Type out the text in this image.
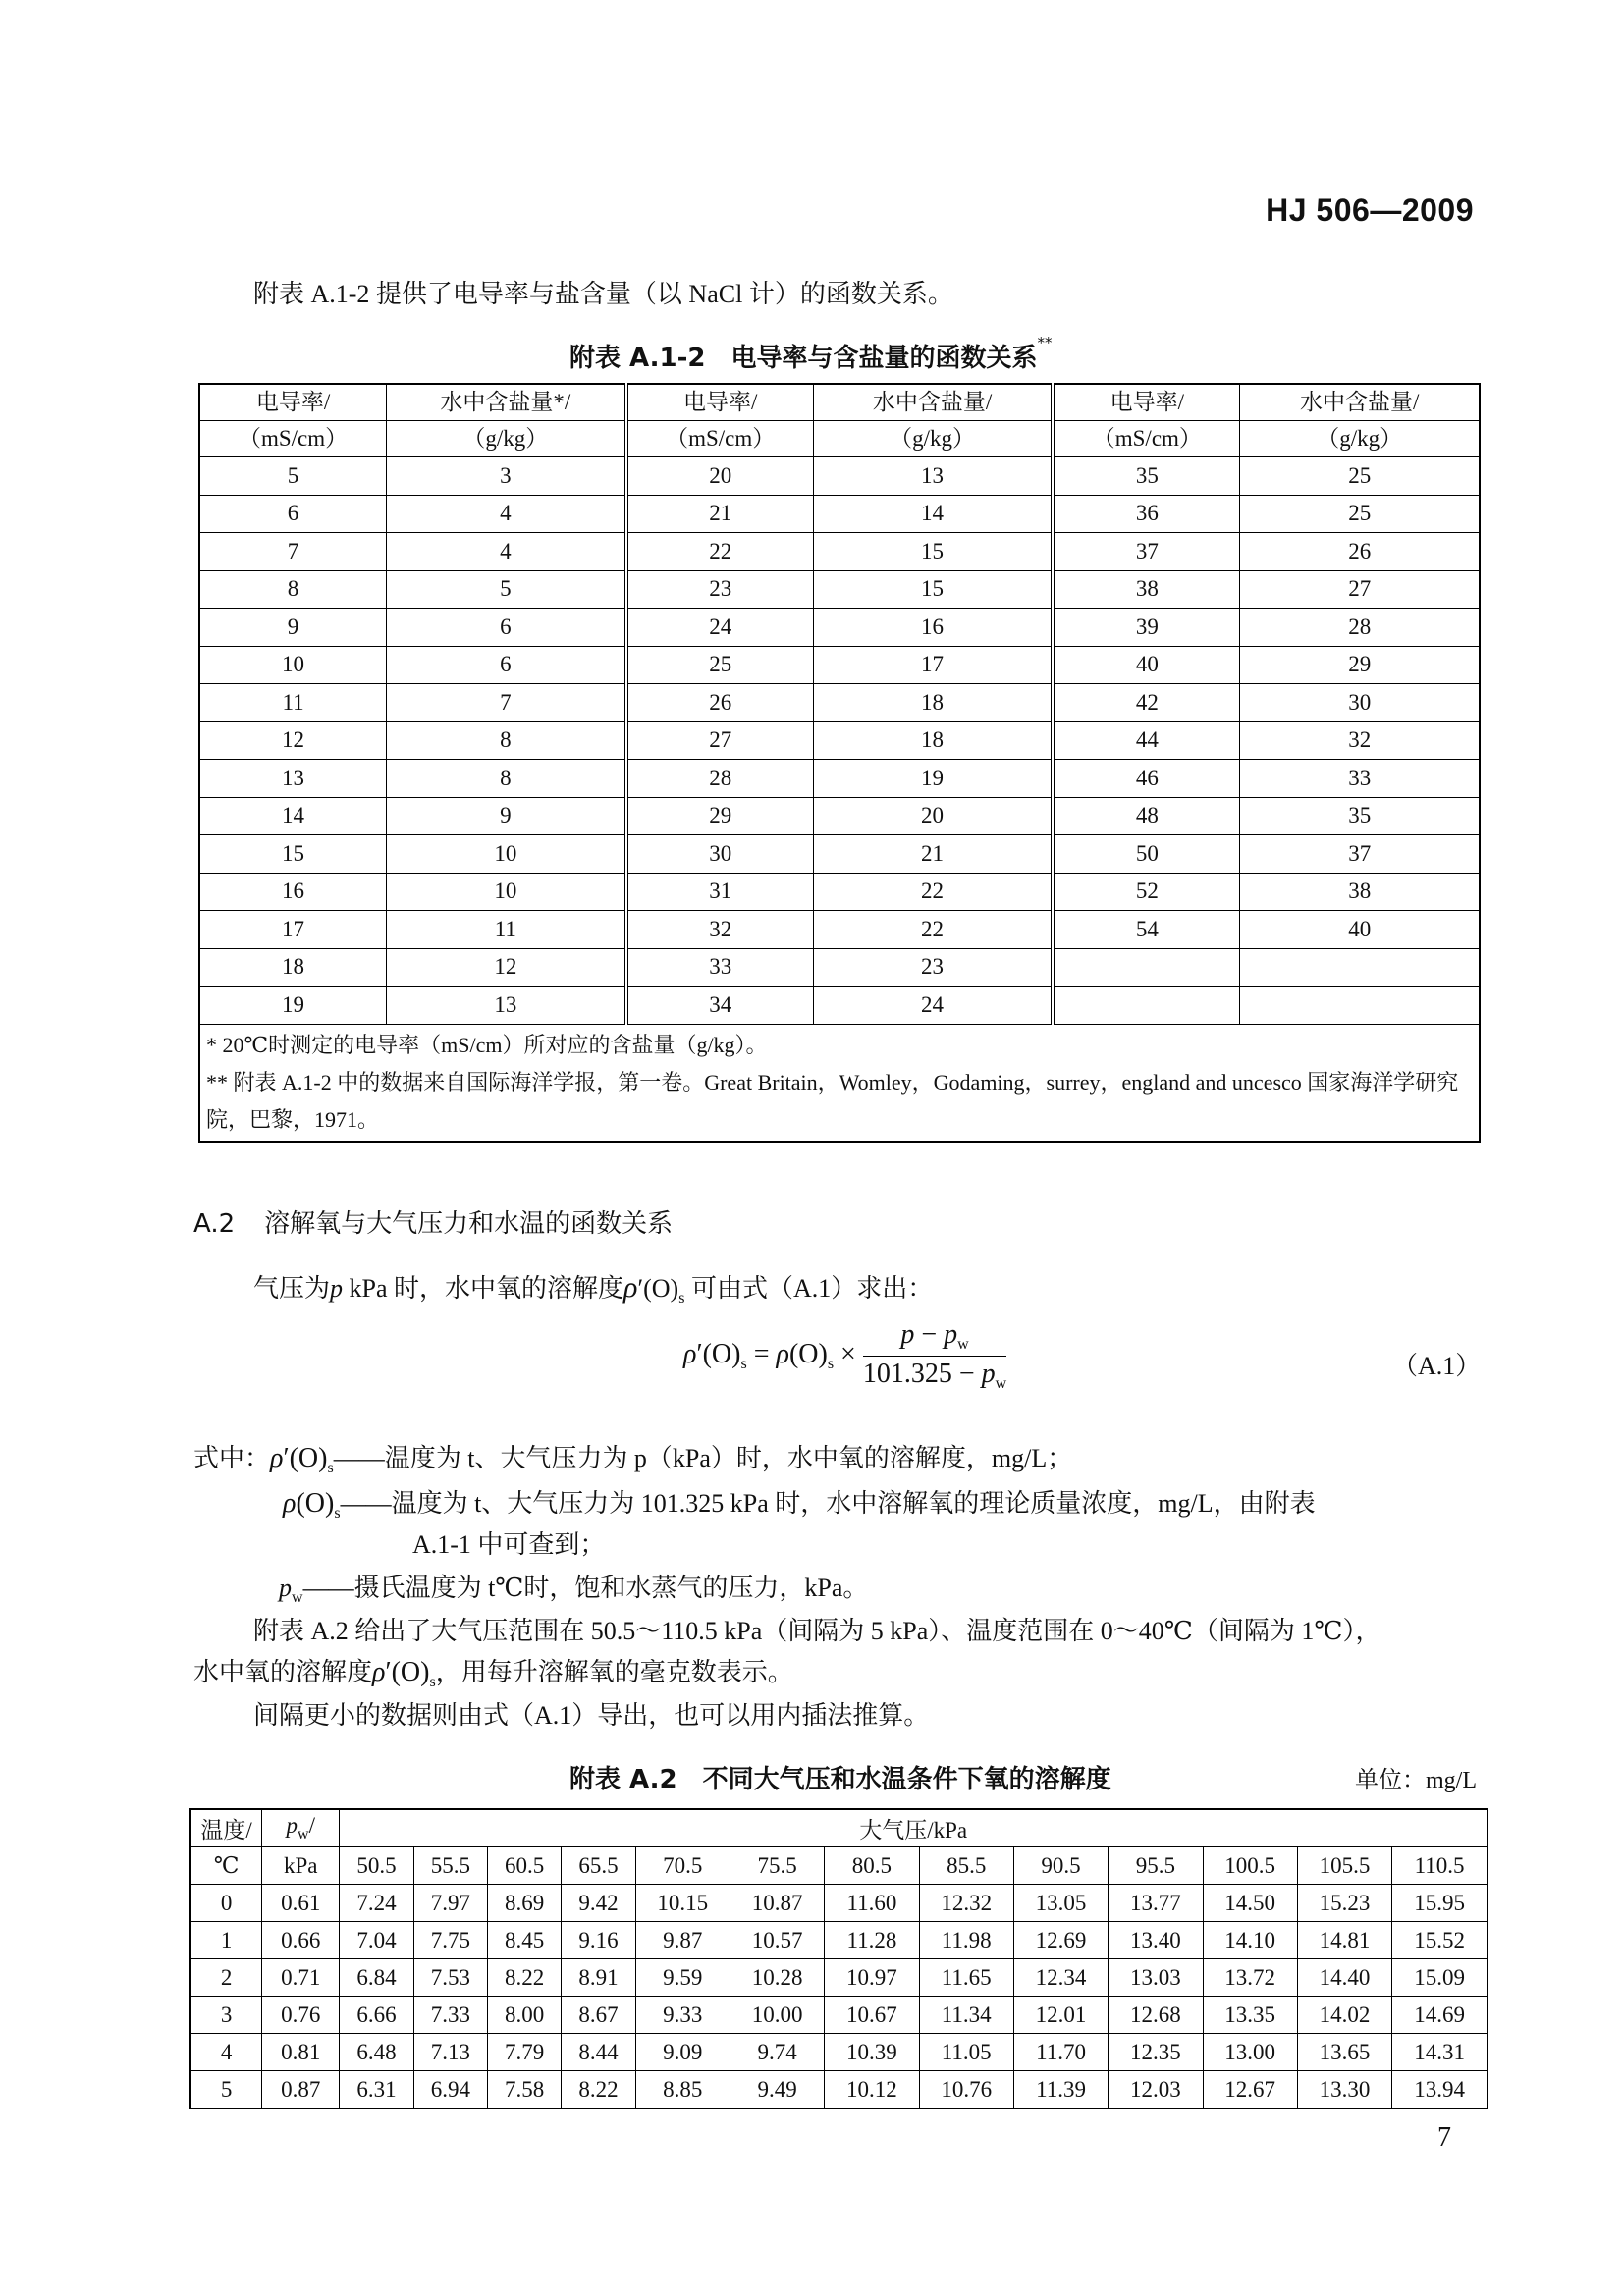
HJ 506—2009
附表 A.1-2 提供了电导率与盐含量（以 NaCl 计）的函数关系。
附表 A.1-2　电导率与含盐量的函数关系**
电导率/	水中含盐量*/	电导率/	水中含盐量/	电导率/	水中含盐量/
（mS/cm）	（g/kg）	（mS/cm）	（g/kg）	（mS/cm）	（g/kg）
5	3	20	13	35	25
6	4	21	14	36	25
7	4	22	15	37	26
8	5	23	15	38	27
9	6	24	16	39	28
10	6	25	17	40	29
11	7	26	18	42	30
12	8	27	18	44	32
13	8	28	19	46	33
14	9	29	20	48	35
15	10	30	21	50	37
16	10	31	22	52	38
17	11	32	22	54	40
18	12	33	23		
19	13	34	24		

* 20℃时测定的电导率（mS/cm）所对应的含盐量（g/kg）。
** 附表 A.1-2 中的数据来自国际海洋学报，第一卷。Great Britain，Womley，Godaming，surrey，england and uncesco 国家海洋学研究院，巴黎，1971。					
A.2 溶解氧与大气压力和水温的函数关系
气压为p kPa 时，水中氧的溶解度$\rho'(O)_s$ 可由式（A.1）求出：
$\rho'(O)_s = \rho(O)_s \times \frac{p - p_w}{101.325 - p_w}$	（A.1）
式中：$\rho'(O)_s——$温度为 t、大气压力为 p（kPa）时，水中氧的溶解度，mg/L；
$\rho(O)_s——$温度为 t、大气压力为 101.325 kPa 时，水中溶解氧的理论质量浓度，mg/L，由附表
A.1-1 中可查到；
$p_w——$摄氏温度为 t℃时，饱和水蒸气的压力，kPa。
附表 A.2 给出了大气压范围在 50.5～110.5 kPa（间隔为 5 kPa）、温度范围在 0～40℃（间隔为 1℃），
水中氧的溶解度$\rho'(O)_s$，用每升溶解氧的毫克数表示。
间隔更小的数据则由式（A.1）导出，也可以用内插法推算。
附表 A.2　不同大气压和水温条件下氧的溶解度	单位：mg/L
温度/	$p_w/$	大气压/kPa												
℃	kPa	50.5	55.5	60.5	65.5	70.5	75.5	80.5	85.5	90.5	95.5	100.5	105.5	110.5
0	0.61	7.24	7.97	8.69	9.42	10.15	10.87	11.60	12.32	13.05	13.77	14.50	15.23	15.95
1	0.66	7.04	7.75	8.45	9.16	9.87	10.57	11.28	11.98	12.69	13.40	14.10	14.81	15.52
2	0.71	6.84	7.53	8.22	8.91	9.59	10.28	10.97	11.65	12.34	13.03	13.72	14.40	15.09
3	0.76	6.66	7.33	8.00	8.67	9.33	10.00	10.67	11.34	12.01	12.68	13.35	14.02	14.69
4	0.81	6.48	7.13	7.79	8.44	9.09	9.74	10.39	11.05	11.70	12.35	13.00	13.65	14.31
5	0.87	6.31	6.94	7.58	8.22	8.85	9.49	10.12	10.76	11.39	12.03	12.67	13.30	13.94
7
